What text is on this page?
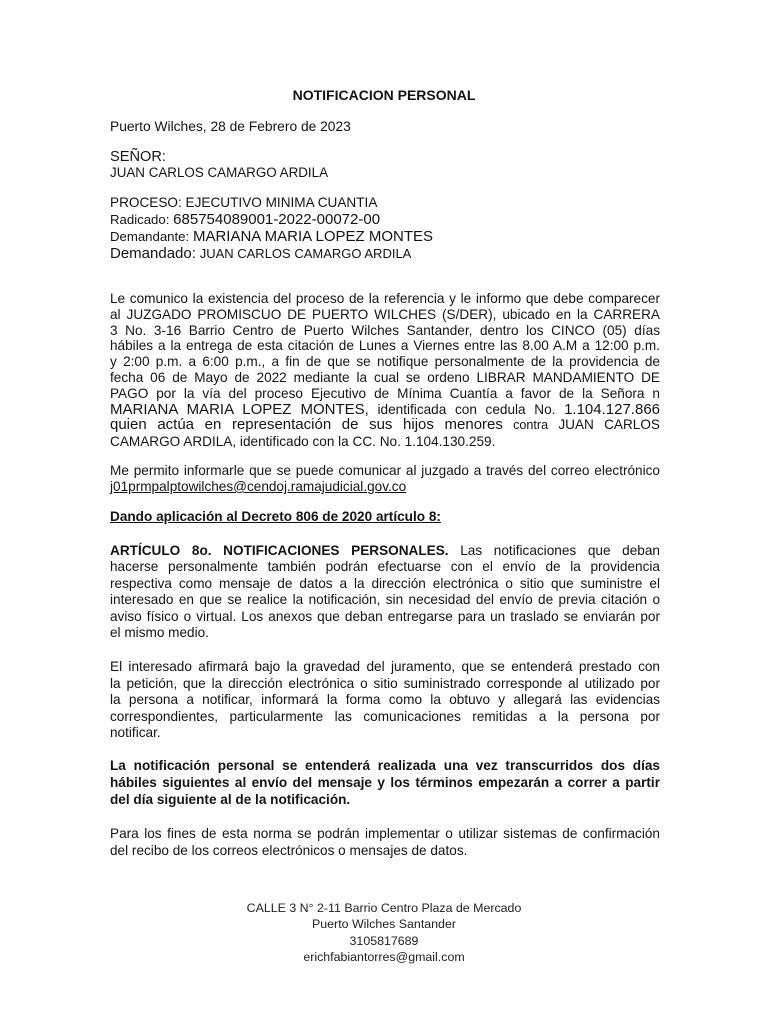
NOTIFICACION PERSONAL
Puerto Wilches, 28 de Febrero de 2023
SEÑOR:
JUAN CARLOS CAMARGO ARDILA
PROCESO: EJECUTIVO MINIMA CUANTIA
Radicado: 685754089001-2022-00072-00
Demandante: MARIANA MARIA LOPEZ MONTES
Demandado: JUAN CARLOS CAMARGO ARDILA
Le comunico la existencia del proceso de la referencia y le informo que debe comparecer
al JUZGADO PROMISCUO DE PUERTO WILCHES (S/DER), ubicado en la CARRERA
3 No. 3-16 Barrio Centro de Puerto Wilches Santander, dentro los CINCO (05) días
hábiles a la entrega de esta citación de Lunes a Viernes entre las 8.00 A.M a 12:00 p.m.
y 2:00 p.m. a 6:00 p.m., a fin de que se notifique personalmente de la providencia de
fecha 06 de Mayo de 2022 mediante la cual se ordeno LIBRAR MANDAMIENTO DE
PAGO por la vía del proceso Ejecutivo de Mínima Cuantía a favor de la Señora n
MARIANA MARIA LOPEZ MONTES, identificada con cedula No. 1.104.127.866
quien actúa en representación de sus hijos menores contra JUAN CARLOS
CAMARGO ARDILA, identificado con la CC. No. 1.104.130.259.
Me permito informarle que se puede comunicar al juzgado a través del correo electrónico
j01prmpalptowilches@cendoj.ramajudicial.gov.co
Dando aplicación al Decreto 806 de 2020 artículo 8:
ARTÍCULO 8o. NOTIFICACIONES PERSONALES. Las notificaciones que deban
hacerse personalmente también podrán efectuarse con el envío de la providencia
respectiva como mensaje de datos a la dirección electrónica o sitio que suministre el
interesado en que se realice la notificación, sin necesidad del envío de previa citación o
aviso físico o virtual. Los anexos que deban entregarse para un traslado se enviarán por
el mismo medio.
El interesado afirmará bajo la gravedad del juramento, que se entenderá prestado con
la petición, que la dirección electrónica o sitio suministrado corresponde al utilizado por
la persona a notificar, informará la forma como la obtuvo y allegará las evidencias
correspondientes, particularmente las comunicaciones remitidas a la persona por
notificar.
La notificación personal se entenderá realizada una vez transcurridos dos días
hábiles siguientes al envío del mensaje y los términos empezarán a correr a partir
del día siguiente al de la notificación.
Para los fines de esta norma se podrán implementar o utilizar sistemas de confirmación
del recibo de los correos electrónicos o mensajes de datos.
CALLE 3 N° 2-11 Barrio Centro Plaza de Mercado
Puerto Wilches Santander
3105817689
erichfabiantorres@gmail.com
